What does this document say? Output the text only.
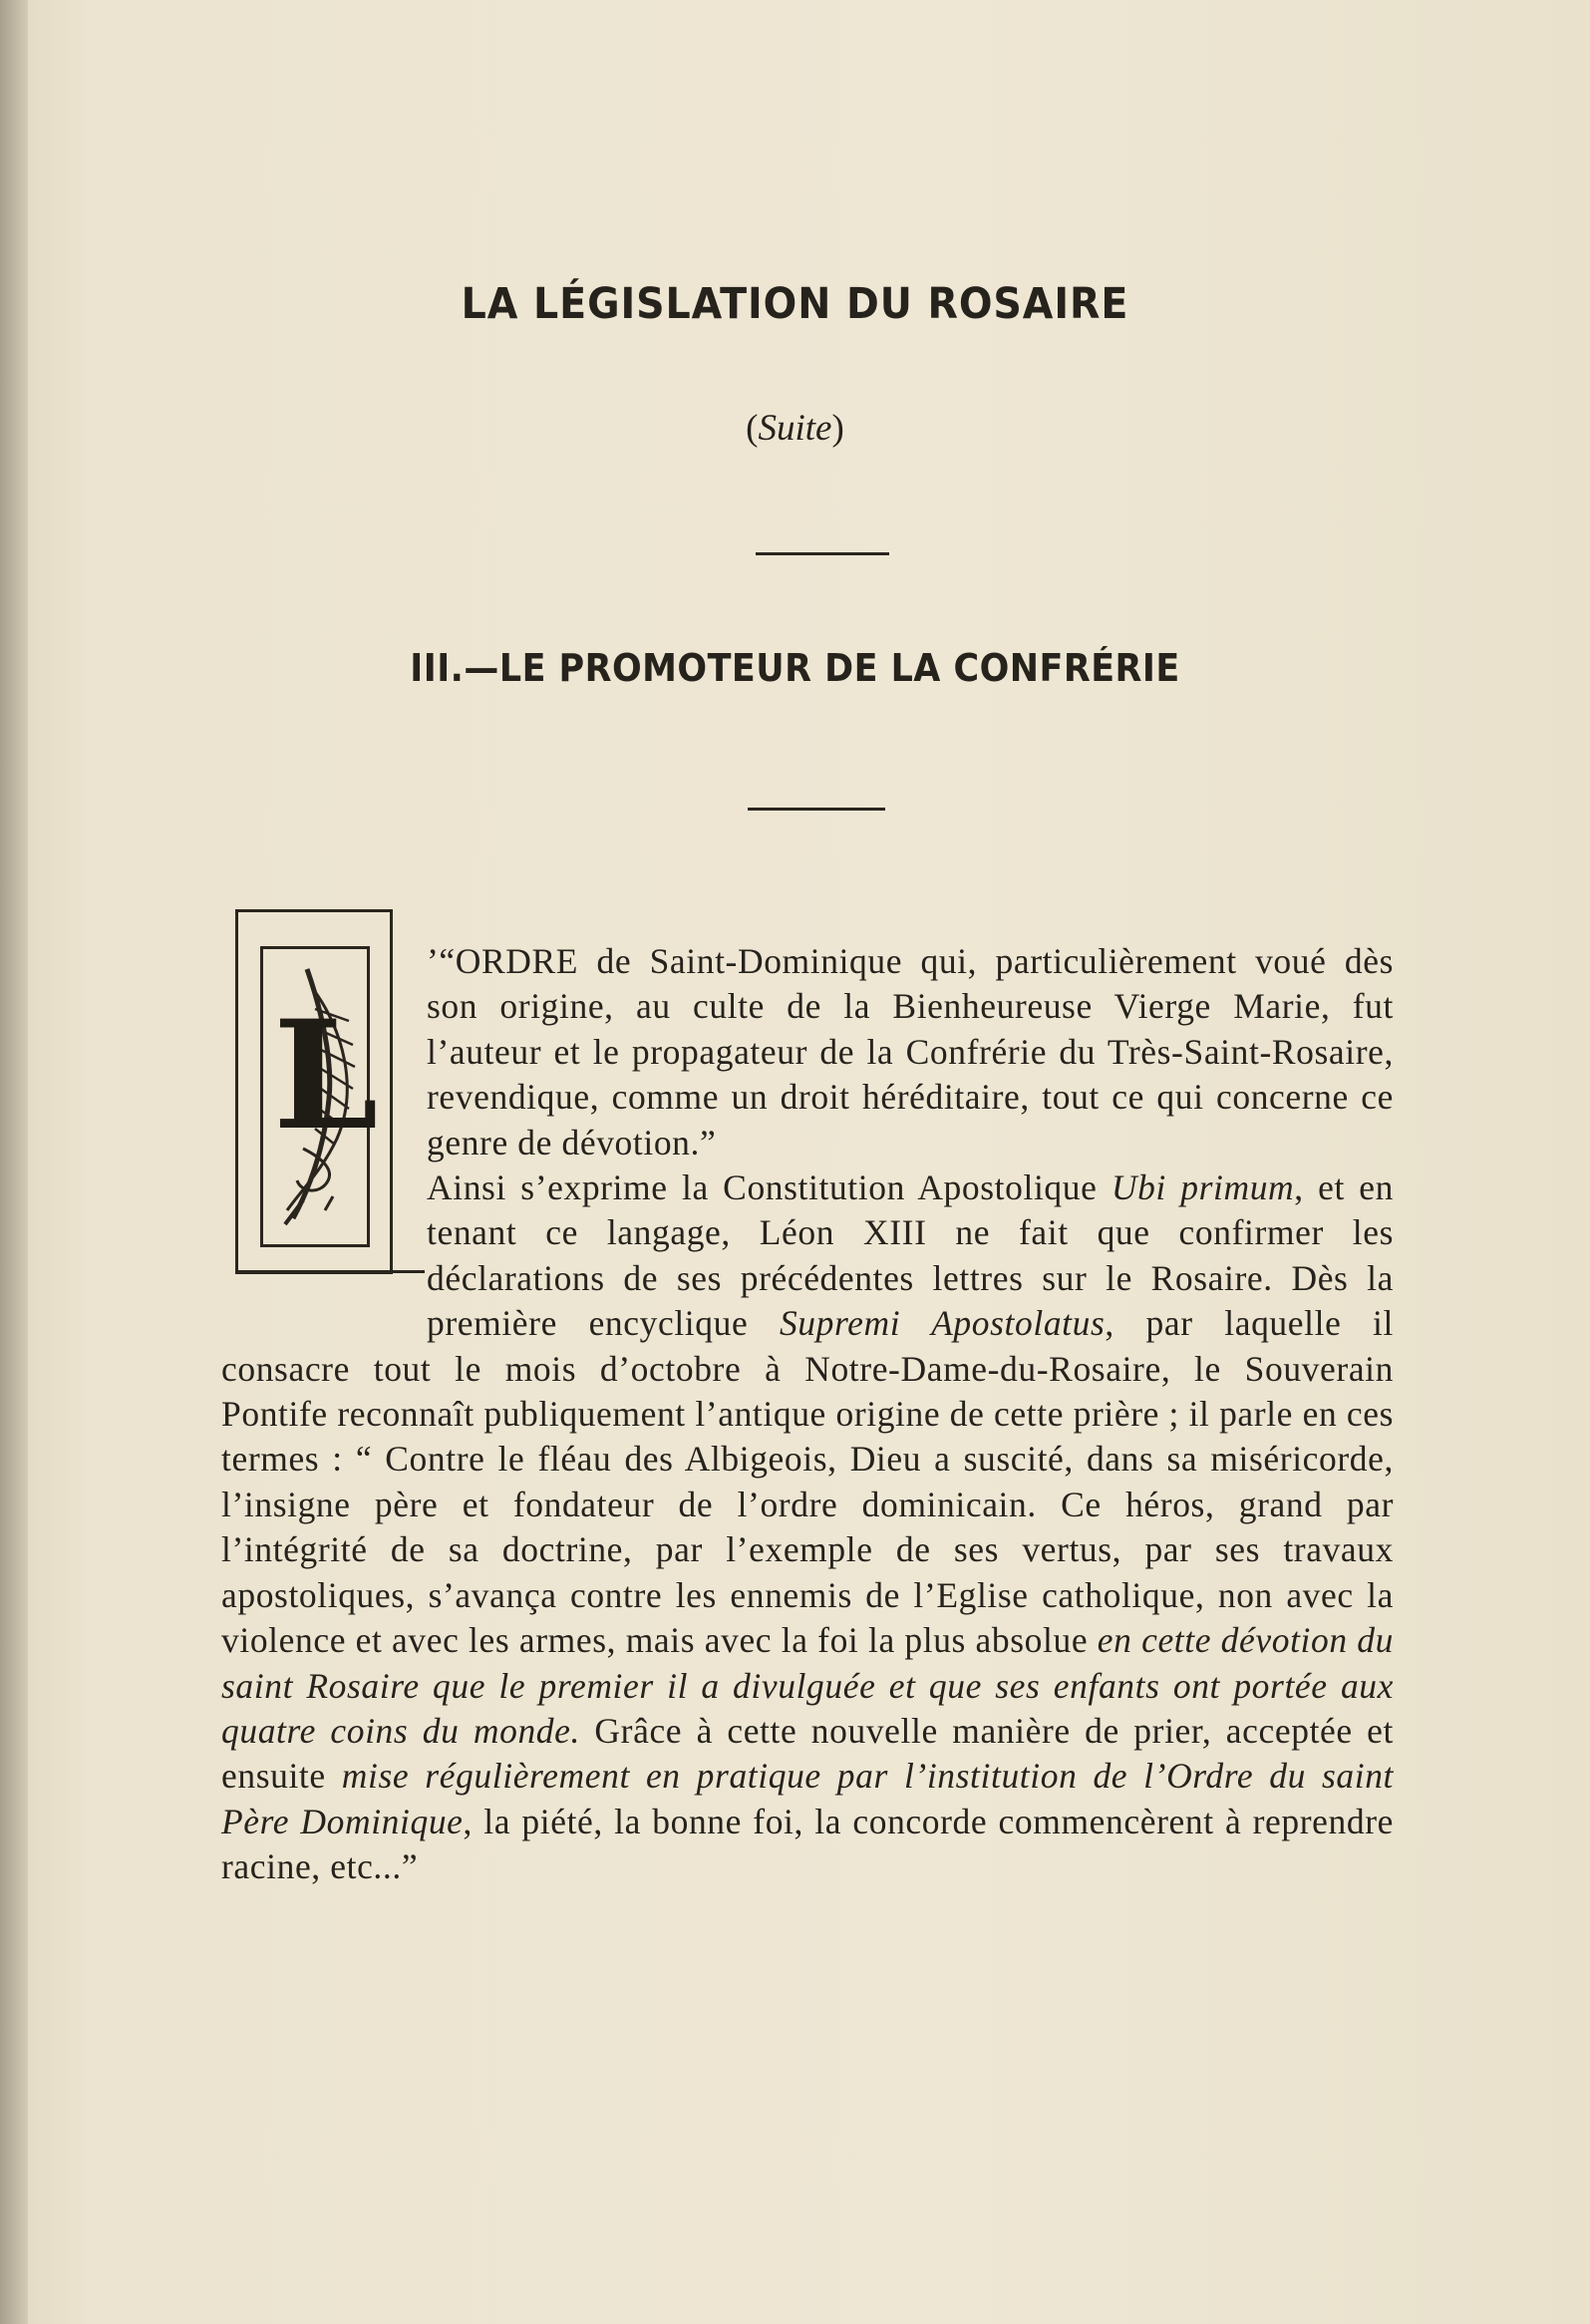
LA LÉGISLATION DU ROSAIRE
(Suite)
III.—LE PROMOTEUR DE LA CONFRÉRIE
L

’“ORDRE de Saint-Dominique qui, particulièrement voué dès son origine, au culte de la Bienheureuse Vierge Marie, fut l’auteur et le propagateur de la Confrérie du Très-Saint-Rosaire, revendique, comme un droit héréditaire, tout ce qui concerne ce genre de dévotion.”

Ainsi s’exprime la Constitution Apostolique Ubi primum, et en tenant ce langage, Léon XIII ne fait que confirmer les déclarations de ses précédentes lettres sur le Rosaire. Dès la première encyclique Supremi Apostolatus, par laquelle il consacre tout le mois d’octobre à Notre-Dame-du-Rosaire, le Souverain Pontife reconnaît publiquement l’antique origine de cette prière ; il parle en ces termes : “ Contre le fléau des Albigeois, Dieu a suscité, dans sa miséricorde, l’insigne père et fondateur de l’ordre dominicain. Ce héros, grand par l’intégrité de sa doctrine, par l’exemple de ses vertus, par ses travaux apostoliques, s’avança contre les ennemis de l’Eglise catholique, non avec la violence et avec les armes, mais avec la foi la plus absolue en cette dévotion du saint Rosaire que le premier il a divulguée et que ses enfants ont portée aux quatre coins du monde. Grâce à cette nouvelle manière de prier, acceptée et ensuite mise régulièrement en pratique par l’institution de l’Ordre du saint Père Dominique, la piété, la bonne foi, la concorde commencèrent à reprendre racine, etc...”
